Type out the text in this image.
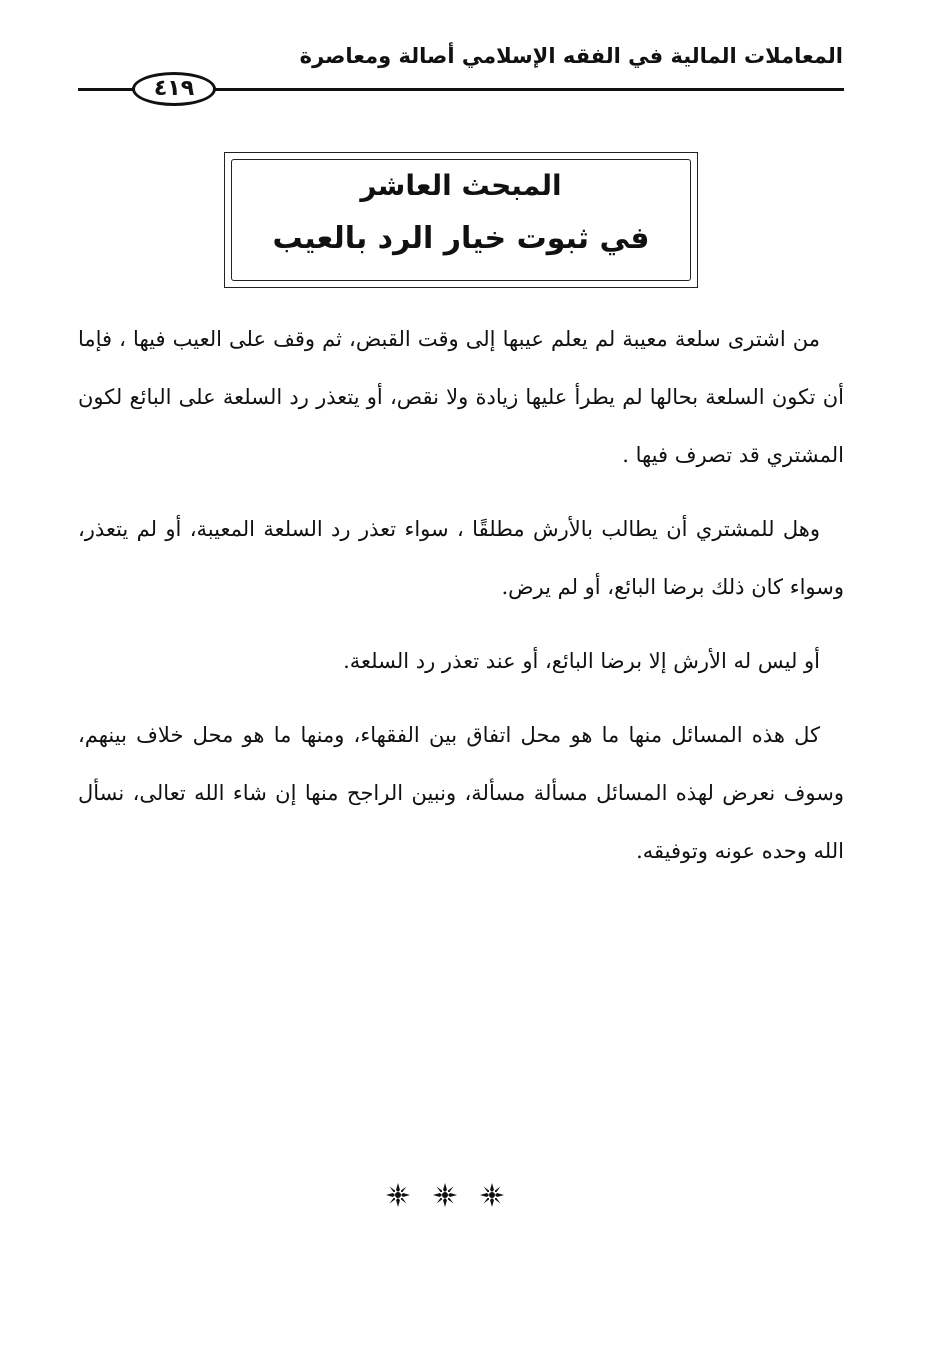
المعاملات المالية في الفقه الإسلامي أصالة ومعاصرة
٤١٩
المبحث العاشر
في ثبوت خيار الرد بالعيب

من اشترى سلعة معيبة لم يعلم عيبها إلى وقت القبض، ثم وقف على العيب فيها ، فإما أن تكون السلعة بحالها لم يطرأ عليها زيادة ولا نقص، أو يتعذر رد السلعة على البائع لكون المشتري قد تصرف فيها .

وهل للمشتري أن يطالب بالأرش مطلقًا ، سواء تعذر رد السلعة المعيبة، أو لم يتعذر، وسواء كان ذلك برضا البائع، أو لم يرض.

أو ليس له الأرش إلا برضا البائع، أو عند تعذر رد السلعة.

كل هذه المسائل منها ما هو محل اتفاق بين الفقهاء، ومنها ما هو محل خلاف بينهم، وسوف نعرض لهذه المسائل مسألة مسألة، ونبين الراجح منها إن شاء الله تعالى، نسأل الله وحده عونه وتوفيقه.
